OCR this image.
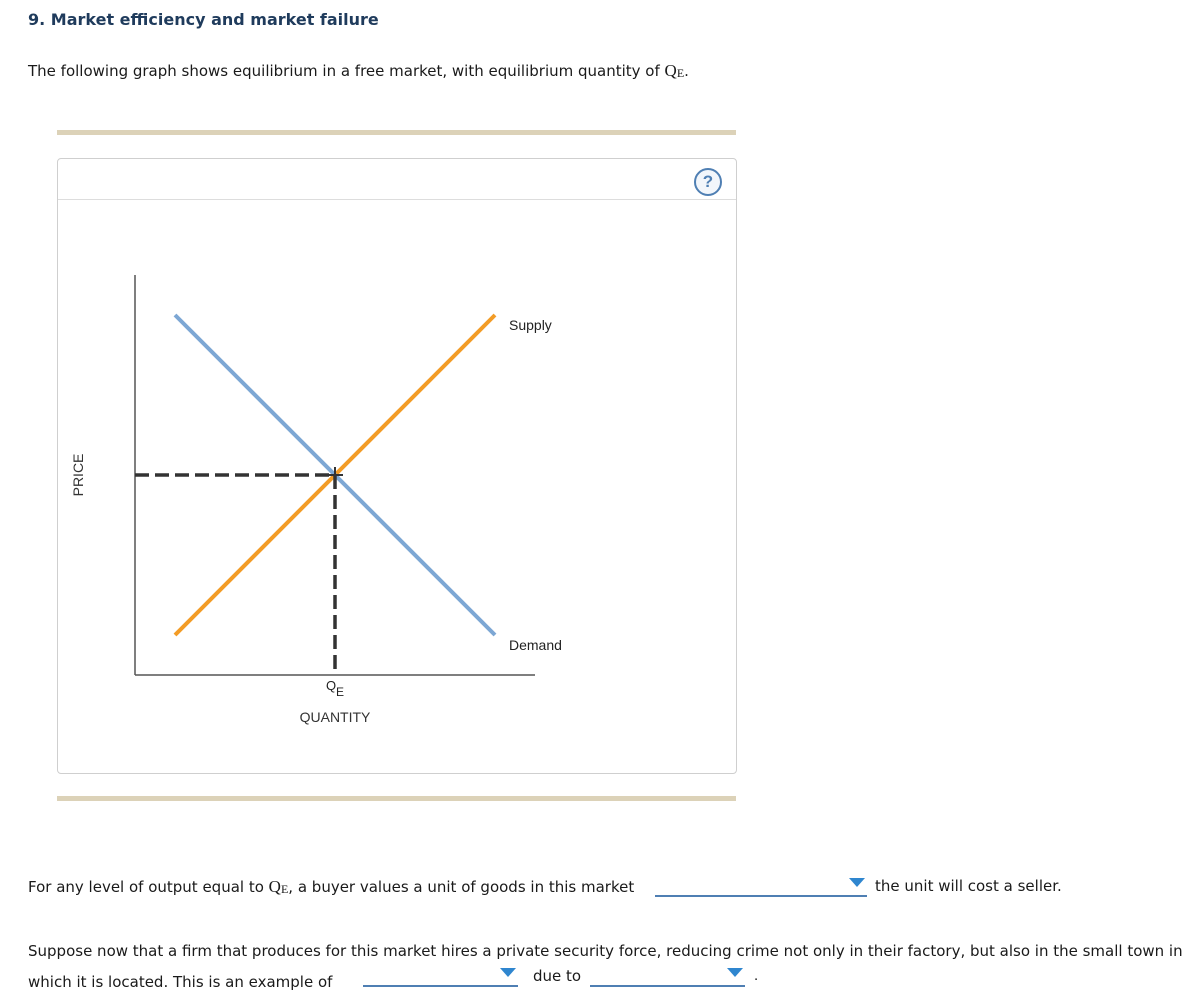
9. Market efficiency and market failure
The following graph shows equilibrium in a free market, with equilibrium quantity of $Q_E$.
?
PRICE
QUANTITY
Supply
Demand
Q E
For any level of output equal to $Q_E$, a buyer values a unit of goods in this market	the unit will cost a seller.
Suppose now that a firm that produces for this market hires a private security force, reducing crime not only in their factory, but also in the small town in which it is located. This is an example of	due to	.
